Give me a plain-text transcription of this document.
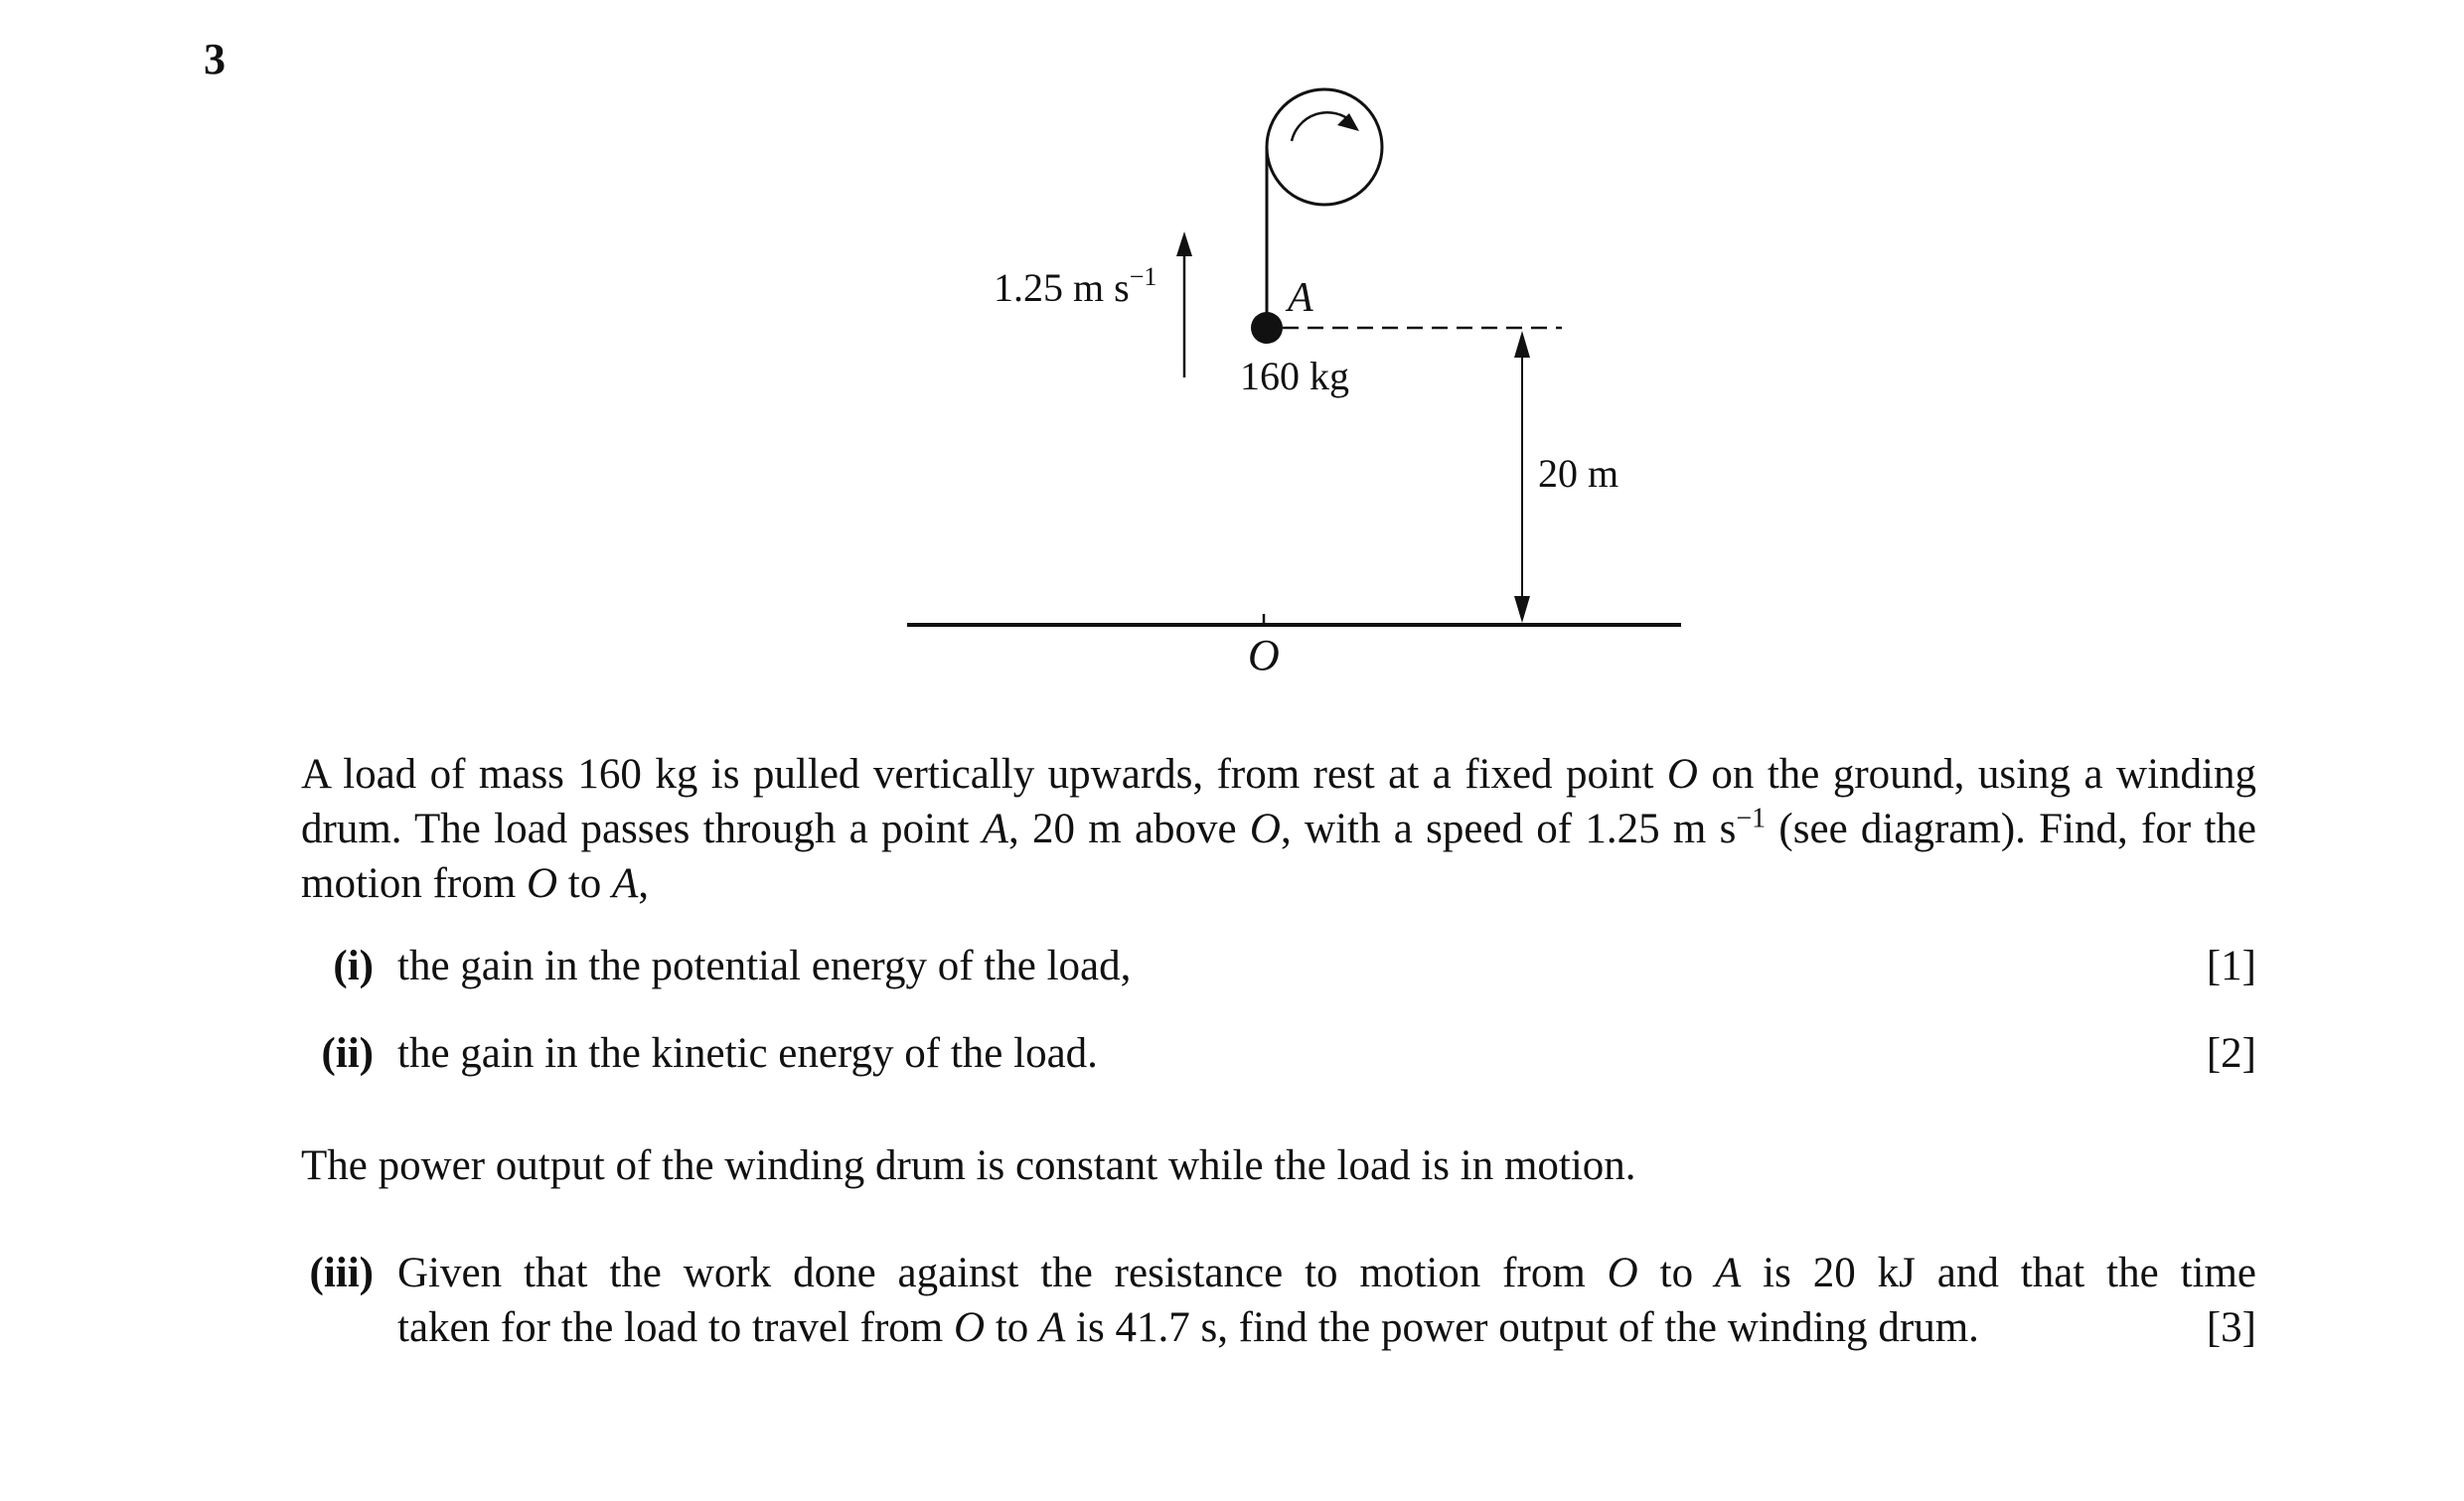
3
1.25 m $s^{-1}$	A
160 kg
20 m
O
A load of mass 160 kg is pulled vertically upwards, from rest at a fixed point O on the ground, using a winding drum. The load passes through a point A, 20 m above O, with a speed of 1.25 m $s^{-1}$ (see diagram). Find, for the motion from O to A,
(i) the gain in the potential energy of the load,	[1]
(ii) the gain in the kinetic energy of the load.	[2]
The power output of the winding drum is constant while the load is in motion.
(iii) Given that the work done against the resistance to motion from O to A is 20 kJ and that the time
taken for the load to travel from O to A is 41.7 s, find the power output of the winding drum.	[3]
